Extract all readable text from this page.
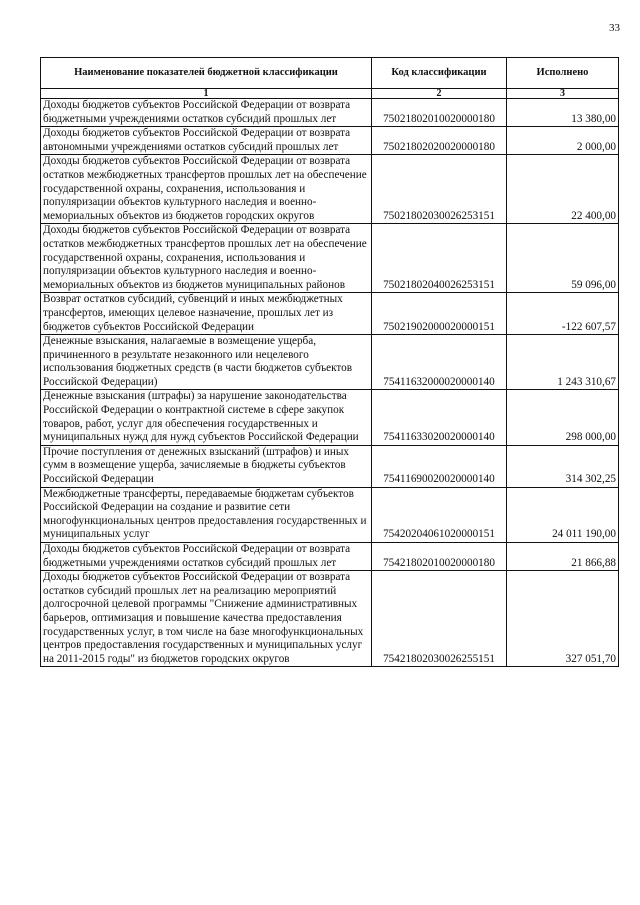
33
Наименование показателей бюджетной классификации	Код классификации	Исполнено
1	2	3
Доходы бюджетов субъектов Российской Федерации от возврата бюджетными учреждениями остатков субсидий прошлых лет	75021802010020000180	13 380,00
Доходы бюджетов субъектов Российской Федерации от возврата автономными учреждениями остатков субсидий прошлых лет	75021802020020000180	2 000,00
Доходы бюджетов субъектов Российской Федерации от возврата остатков межбюджетных трансфертов прошлых лет на обеспечение государственной охраны, сохранения, использования и популяризации объектов культурного наследия и военно-мемориальных объектов из бюджетов городских округов	75021802030026253151	22 400,00
Доходы бюджетов субъектов Российской Федерации от возврата остатков межбюджетных трансфертов прошлых лет на обеспечение государственной охраны, сохранения, использования и популяризации объектов культурного наследия и военно-мемориальных объектов из бюджетов муниципальных районов	75021802040026253151	59 096,00
Возврат остатков субсидий, субвенций и иных межбюджетных трансфертов, имеющих целевое назначение, прошлых лет из бюджетов субъектов Российской Федерации	75021902000020000151	-122 607,57
Денежные взыскания, налагаемые в возмещение ущерба, причиненного в результате незаконного или нецелевого использования бюджетных средств (в части бюджетов субъектов Российской Федерации)	75411632000020000140	1 243 310,67
Денежные взыскания (штрафы) за нарушение законодательства Российской Федерации о контрактной системе в сфере закупок товаров, работ, услуг для обеспечения государственных и муниципальных нужд для нужд субъектов Российской Федерации	75411633020020000140	298 000,00
Прочие поступления от денежных взысканий (штрафов) и иных сумм в возмещение ущерба, зачисляемые в бюджеты субъектов Российской Федерации	75411690020020000140	314 302,25
Межбюджетные трансферты, передаваемые бюджетам субъектов Российской Федерации на создание и развитие сети многофункциональных центров предоставления государственных и муниципальных услуг	75420204061020000151	24 011 190,00
Доходы бюджетов субъектов Российской Федерации от возврата бюджетными учреждениями остатков субсидий прошлых лет	75421802010020000180	21 866,88
Доходы бюджетов субъектов Российской Федерации от возврата остатков субсидий прошлых лет на реализацию мероприятий долгосрочной целевой программы "Снижение административных барьеров, оптимизация и повышение качества предоставления государственных услуг, в том числе на базе многофункциональных центров предоставления государственных и муниципальных услуг на 2011-2015 годы" из бюджетов городских округов	75421802030026255151	327 051,70
